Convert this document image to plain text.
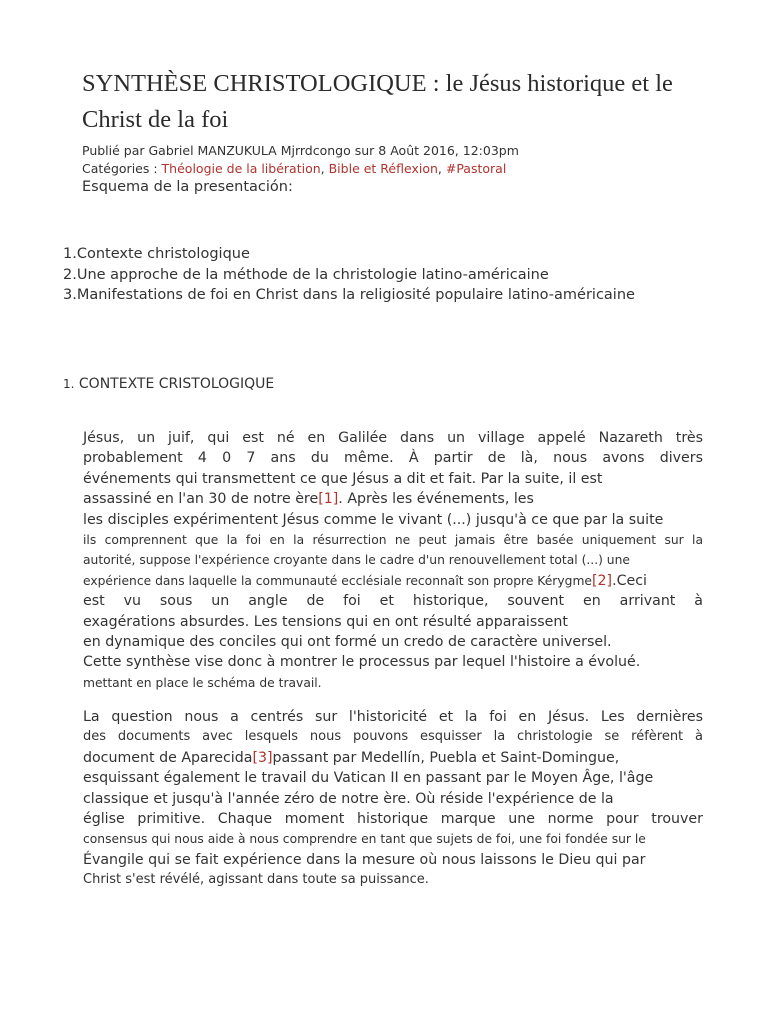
SYNTHÈSE CHRISTOLOGIQUE : le Jésus historique et le Christ de la foi
Publié par Gabriel MANZUKULA Mjrrdcongo sur 8 Août 2016, 12:03pm
Catégories : Théologie de la libération, Bible et Réflexion, #Pastoral
Esquema de la presentación:
1.Contexte christologique
2.Une approche de la méthode de la christologie latino-américaine
3.Manifestations de foi en Christ dans la religiosité populaire latino-américaine
1. CONTEXTE CRISTOLOGIQUE
Jésus, un juif, qui est né en Galilée dans un village appelé Nazareth très
probablement 4 0 7 ans du même. À partir de là, nous avons divers
événements qui transmettent ce que Jésus a dit et fait. Par la suite, il est
assassiné en l'an 30 de notre ère[1]. Après les événements, les
les disciples expérimentent Jésus comme le vivant (...) jusqu'à ce que par la suite
ils comprennent que la foi en la résurrection ne peut jamais être basée uniquement sur la
autorité, suppose l'expérience croyante dans le cadre d'un renouvellement total (...) une
expérience dans laquelle la communauté ecclésiale reconnaît son propre Kérygme[2].Ceci
est vu sous un angle de foi et historique, souvent en arrivant à
exagérations absurdes. Les tensions qui en ont résulté apparaissent
en dynamique des conciles qui ont formé un credo de caractère universel.
Cette synthèse vise donc à montrer le processus par lequel l'histoire a évolué.
mettant en place le schéma de travail.
La question nous a centrés sur l'historicité et la foi en Jésus. Les dernières
des documents avec lesquels nous pouvons esquisser la christologie se réfèrent à
document de Aparecida[3]passant par Medellín, Puebla et Saint-Domingue,
esquissant également le travail du Vatican II en passant par le Moyen Âge, l'âge
classique et jusqu'à l'année zéro de notre ère. Où réside l'expérience de la
église primitive. Chaque moment historique marque une norme pour trouver
consensus qui nous aide à nous comprendre en tant que sujets de foi, une foi fondée sur le
Évangile qui se fait expérience dans la mesure où nous laissons le Dieu qui par
Christ s'est révélé, agissant dans toute sa puissance.
